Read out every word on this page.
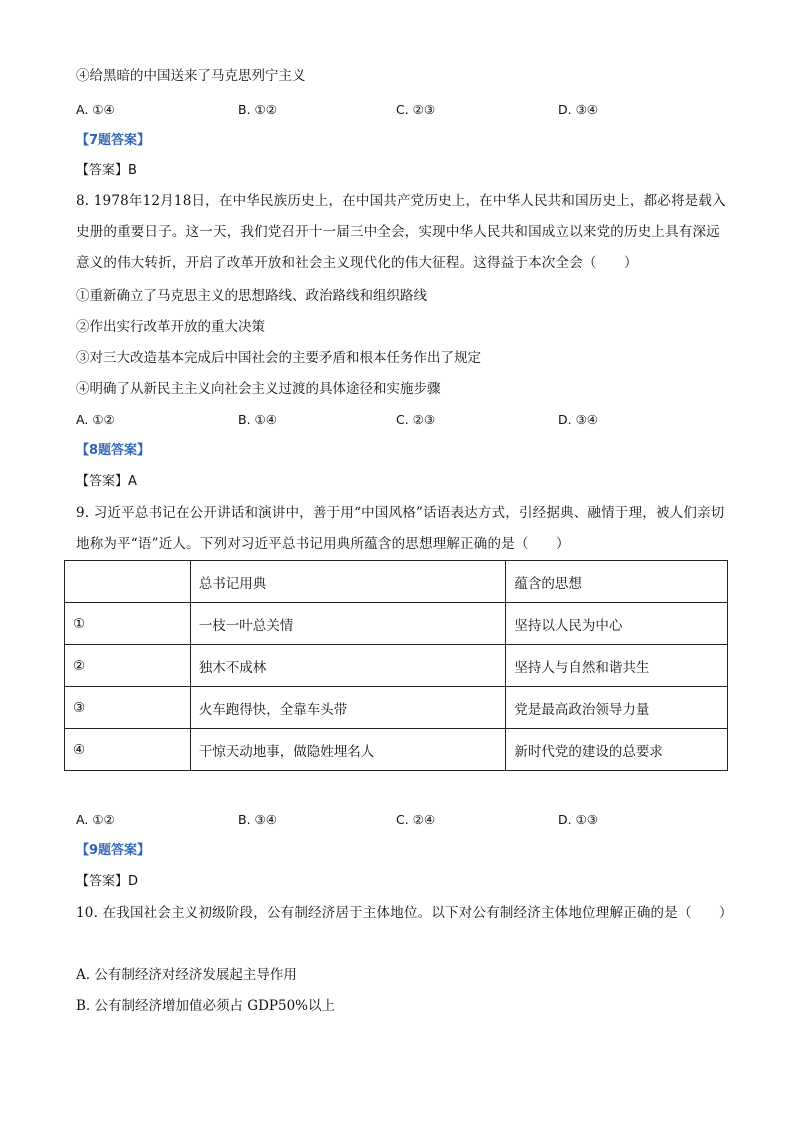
④给黑暗的中国送来了马克思列宁主义
A. ①④	B. ①②	C. ②③	D. ③④
【7题答案】
【答案】B
8. 1978年12月18日，在中华民族历史上，在中国共产党历史上，在中华人民共和国历史上，都必将是载入史册的重要日子。这一天，我们党召开十一届三中全会，实现中华人民共和国成立以来党的历史上具有深远意义的伟大转折，开启了改革开放和社会主义现代化的伟大征程。这得益于本次全会（　　）
①重新确立了马克思主义的思想路线、政治路线和组织路线
②作出实行改革开放的重大决策
③对三大改造基本完成后中国社会的主要矛盾和根本任务作出了规定
④明确了从新民主主义向社会主义过渡的具体途径和实施步骤
A. ①②	B. ①④	C. ②③	D. ③④
【8题答案】
【答案】A
9. 习近平总书记在公开讲话和演讲中，善于用“中国风格”话语表达方式，引经据典、融情于理，被人们亲切地称为平“语”近人。下列对习近平总书记用典所蕴含的思想理解正确的是（　　）
	总书记用典	蕴含的思想
①	一枝一叶总关情	坚持以人民为中心
②	独木不成林	坚持人与自然和谐共生
③	火车跑得快，全靠车头带	党是最高政治领导力量
④	干惊天动地事，做隐姓埋名人	新时代党的建设的总要求
A. ①②	B. ③④	C. ②④	D. ①③
【9题答案】
【答案】D
10. 在我国社会主义初级阶段，公有制经济居于主体地位。以下对公有制经济主体地位理解正确的是（　　）
A. 公有制经济对经济发展起主导作用
B. 公有制经济增加值必须占 GDP50%以上
